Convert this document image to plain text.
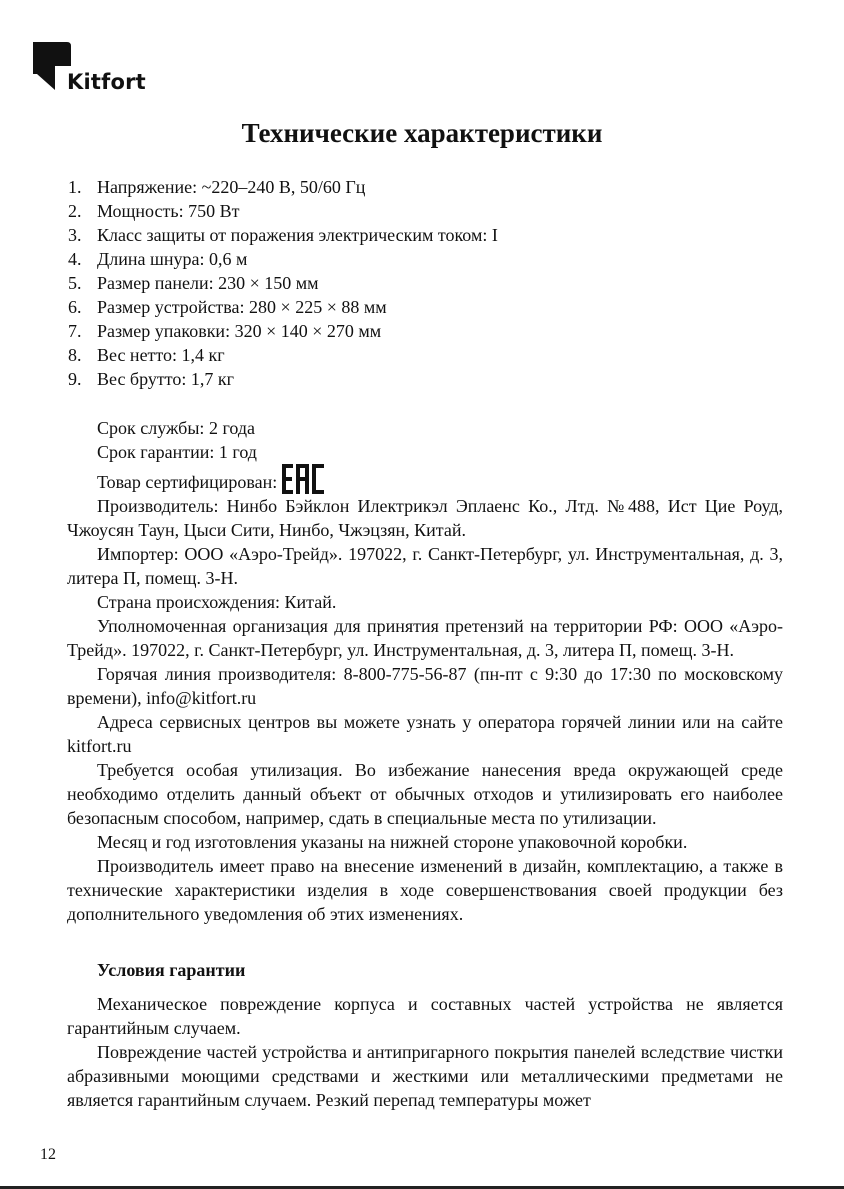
Kitfort
Технические характеристики
1. Напряжение: ~220–240 В, 50/60 Гц
2. Мощность: 750 Вт
3. Класс защиты от поражения электрическим током: I
4. Длина шнура: 0,6 м
5. Размер панели: 230 × 150 мм
6. Размер устройства: 280 × 225 × 88 мм
7. Размер упаковки: 320 × 140 × 270 мм
8. Вес нетто: 1,4 кг
9. Вес брутто: 1,7 кг

Срок службы: 2 года

Срок гарантии: 1 год

Товар сертифицирован:

Производитель: Нинбо Бэйклон Илектрикэл Эплаенс Ко., Лтд. №488, Ист Цие Роуд, Чжоусян Таун, Цыси Сити, Нинбо, Чжэцзян, Китай.

Импортер: ООО «Аэро-Трейд». 197022, г. Санкт-Петербург, ул. Инструментальная, д. 3, литера П, помещ. 3-Н.

Страна происхождения: Китай.

Уполномоченная организация для принятия претензий на территории РФ: ООО «Аэро-Трейд». 197022, г. Санкт-Петербург, ул. Инструментальная, д. 3, литера П, помещ. 3-Н.

Горячая линия производителя: 8-800-775-56-87 (пн-пт с 9:30 до 17:30 по московскому времени), info@kitfort.ru

Адреса сервисных центров вы можете узнать у оператора горячей линии или на сайте kitfort.ru

Требуется особая утилизация. Во избежание нанесения вреда окружающей среде необходимо отделить данный объект от обычных отходов и утилизировать его наиболее безопасным способом, например, сдать в специальные места по утилизации.

Месяц и год изготовления указаны на нижней стороне упаковочной коробки.

Производитель имеет право на внесение изменений в дизайн, комплектацию, а также в технические характеристики изделия в ходе совершенствования своей продукции без дополнительного уведомления об этих изменениях.

Условия гарантии

Механическое повреждение корпуса и составных частей устройства не является гарантийным случаем.

Повреждение частей устройства и антипригарного покрытия панелей вследствие чистки абразивными моющими средствами и жесткими или металлическими предметами не является гарантийным случаем. Резкий перепад температуры может

12
